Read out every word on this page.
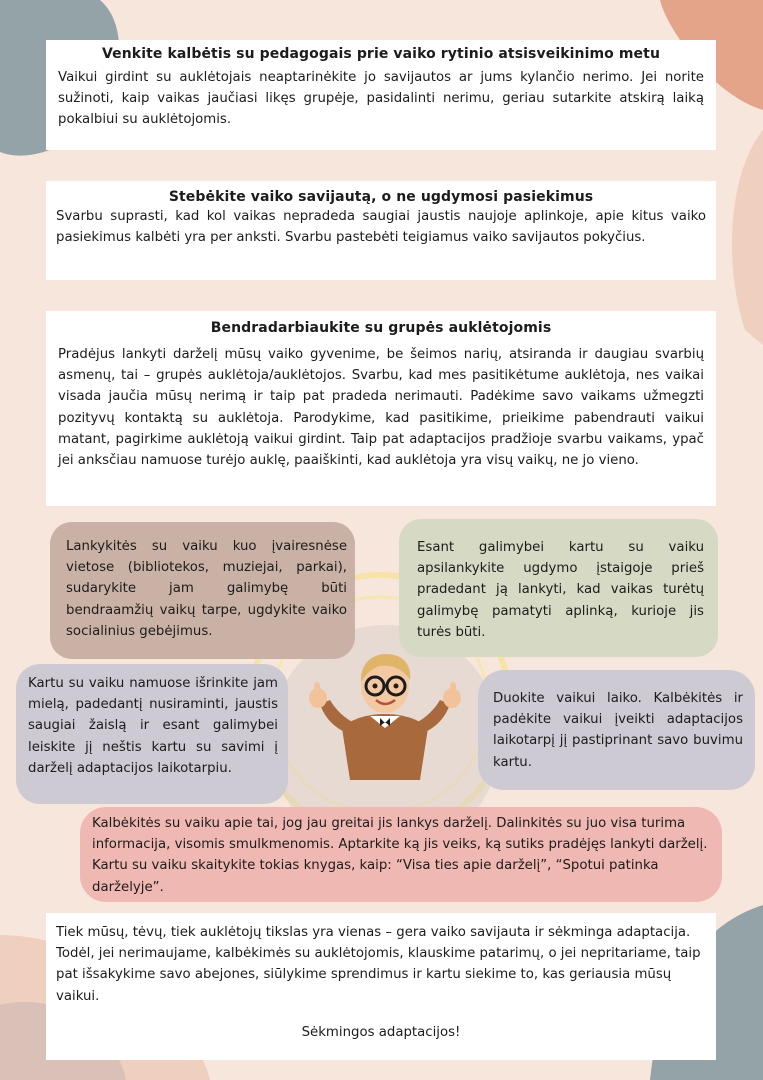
Venkite kalbėtis su pedagogais prie vaiko rytinio atsisveikinimo metu

Vaikui girdint su auklėtojais neaptarinėkite jo savijautos ar jums kylančio nerimo. Jei norite sužinoti, kaip vaikas jaučiasi likęs grupėje, pasidalinti nerimu, geriau sutarkite atskirą laiką pokalbiui su auklėtojomis.

Stebėkite vaiko savijautą, o ne ugdymosi pasiekimus

Svarbu suprasti, kad kol vaikas nepradeda saugiai jaustis naujoje aplinkoje, apie kitus vaiko pasiekimus kalbėti yra per anksti. Svarbu pastebėti teigiamus vaiko savijautos pokyčius.

Bendradarbiaukite su grupės auklėtojomis

Pradėjus lankyti darželį mūsų vaiko gyvenime, be šeimos narių, atsiranda ir daugiau svarbių asmenų, tai – grupės auklėtoja/auklėtojos. Svarbu, kad mes pasitikėtume auklėtoja, nes vaikai visada jaučia mūsų nerimą ir taip pat pradeda nerimauti. Padėkime savo vaikams užmegzti pozityvų kontaktą su auklėtoja. Parodykime, kad pasitikime, prieikime pabendrauti vaikui matant, pagirkime auklėtoją vaikui girdint. Taip pat adaptacijos pradžioje svarbu vaikams, ypač jei anksčiau namuose turėjo auklę, paaiškinti, kad auklėtoja yra visų vaikų, ne jo vieno.

Lankykitės su vaiku kuo įvairesnėse vietose (bibliotekos, muziejai, parkai), sudarykite jam galimybę būti bendraamžių vaikų tarpe, ugdykite vaiko socialinius gebėjimus.
Esant galimybei kartu su vaiku apsilankykite ugdymo įstaigoje prieš pradedant ją lankyti, kad vaikas turėtų galimybę pamatyti aplinką, kurioje jis turės būti.
Kartu su vaiku namuose išrinkite jam mielą, padedantį nusiraminti, jaustis saugiai žaislą ir esant galimybei leiskite jį neštis kartu su savimi į darželį adaptacijos laikotarpiu.
Duokite vaikui laiko. Kalbėkitės ir padėkite vaikui įveikti adaptacijos laikotarpį jį pastiprinant savo buvimu kartu.
Kalbėkitės su vaiku apie tai, jog jau greitai jis lankys darželį. Dalinkitės su juo visa turima informacija, visomis smulkmenomis. Aptarkite ką jis veiks, ką sutiks pradėjęs lankyti darželį. Kartu su vaiku skaitykite tokias knygas, kaip: “Visa ties apie darželį”, “Spotui patinka darželyje”.

Tiek mūsų, tėvų, tiek auklėtojų tikslas yra vienas – gera vaiko savijauta ir sėkminga adaptacija. Todėl, jei nerimaujame, kalbėkimės su auklėtojomis, klauskime patarimų, o jei nepritariame, taip pat išsakykime savo abejones, siūlykime sprendimus ir kartu siekime to, kas geriausia mūsų vaikui.

Sėkmingos adaptacijos!
